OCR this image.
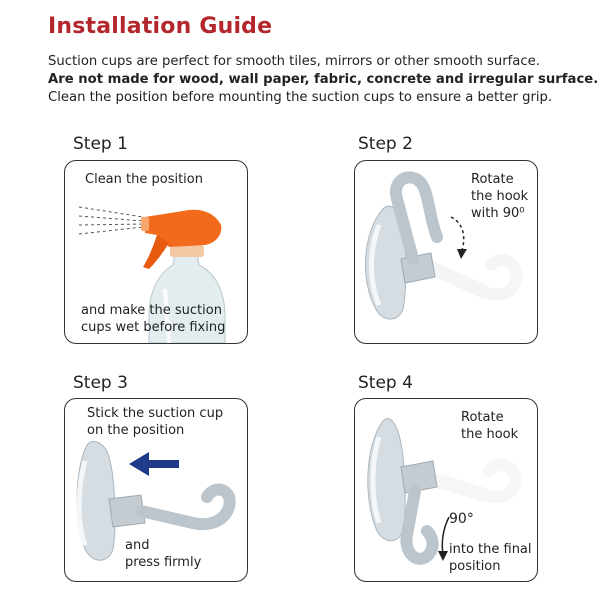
Installation Guide
Suction cups are perfect for smooth tiles, mirrors or other smooth surface.
Are not made for wood, wall paper, fabric, concrete and irregular surface.
Clean the position before mounting the suction cups to ensure a better grip.
Step 1
Clean the position
and make the suction
cups wet before fixing
Step 2
Rotate
the hook
with 90⁰
Step 3
Stick the suction cup
on the position
and
press firmly
Step 4
Rotate
the hook
90°
into the final
position
